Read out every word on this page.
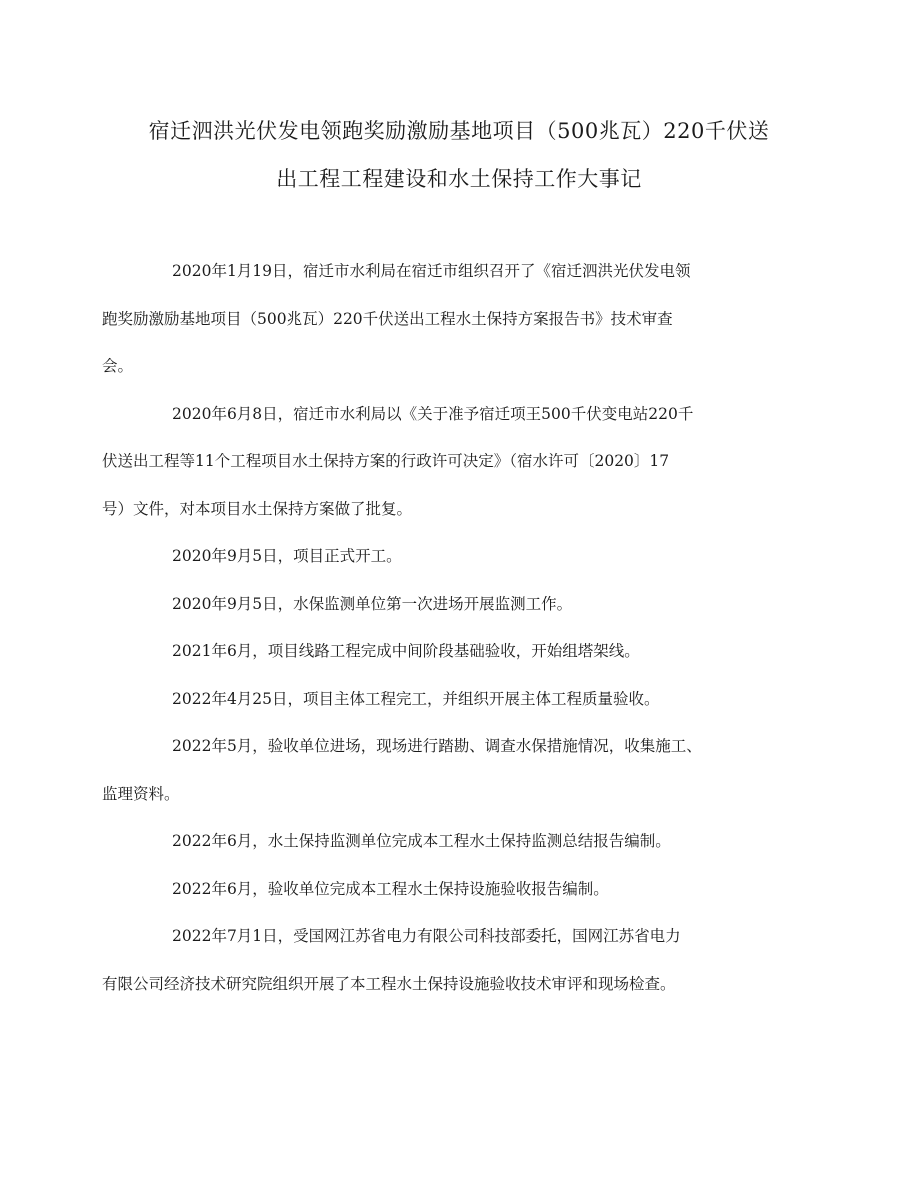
宿迁泗洪光伏发电领跑奖励激励基地项目（500兆瓦）220千伏送
出工程工程建设和水土保持工作大事记

2020年1月19日，宿迁市水利局在宿迁市组织召开了《宿迁泗洪光伏发电领
跑奖励激励基地项目（500兆瓦）220千伏送出工程水土保持方案报告书》技术审查
会。

2020年6月8日，宿迁市水利局以《关于准予宿迁项王500千伏变电站220千
伏送出工程等11个工程项目水土保持方案的行政许可决定》（宿水许可〔2020〕17
号）文件，对本项目水土保持方案做了批复。

2020年9月5日，项目正式开工。

2020年9月5日，水保监测单位第一次进场开展监测工作。

2021年6月，项目线路工程完成中间阶段基础验收，开始组塔架线。

2022年4月25日，项目主体工程完工，并组织开展主体工程质量验收。

2022年5月，验收单位进场，现场进行踏勘、调查水保措施情况，收集施工、
监理资料。

2022年6月，水土保持监测单位完成本工程水土保持监测总结报告编制。

2022年6月，验收单位完成本工程水土保持设施验收报告编制。

2022年7月1日，受国网江苏省电力有限公司科技部委托，国网江苏省电力
有限公司经济技术研究院组织开展了本工程水土保持设施验收技术审评和现场检查。
